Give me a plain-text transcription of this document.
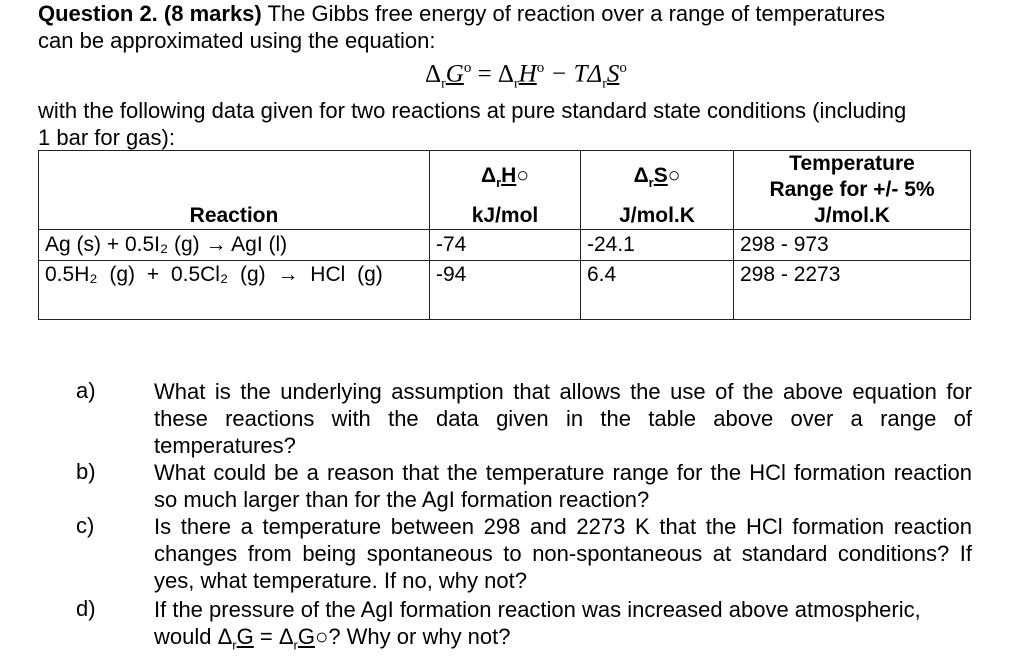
Question 2. (8 marks) The Gibbs free energy of reaction over a range of temperatures
can be approximated using the equation:
$\Delta_rG^o = \Delta_rH^o - T\Delta_rS^o$
with the following data given for two reactions at pure standard state conditions (including
1 bar for gas):
	$\Delta_rH○$	$\Delta_rS○$	Temperature
Range for +/- 5%
Reaction	kJ/mol	J/mol.K	J/mol.K
Ag (s) + 0.5I₂ (g) → AgI (l)	-74	-24.1	298 - 973
0.5H₂ (g) + 0.5Cl₂ (g) → HCl (g)	-94	6.4	298 - 2273
a)	What is the underlying assumption that allows the use of the above equation for these reactions with the data given in the table above over a range of temperatures?
b)	What could be a reason that the temperature range for the HCl formation reaction so much larger than for the AgI formation reaction?
c)	Is there a temperature between 298 and 2273 K that the HCl formation reaction changes from being spontaneous to non-spontaneous at standard conditions? If yes, what temperature. If no, why not?
d)	If the pressure of the AgI formation reaction was increased above atmospheric, would $\Delta_rG$ = $\Delta_rG○$? Why or why not?
